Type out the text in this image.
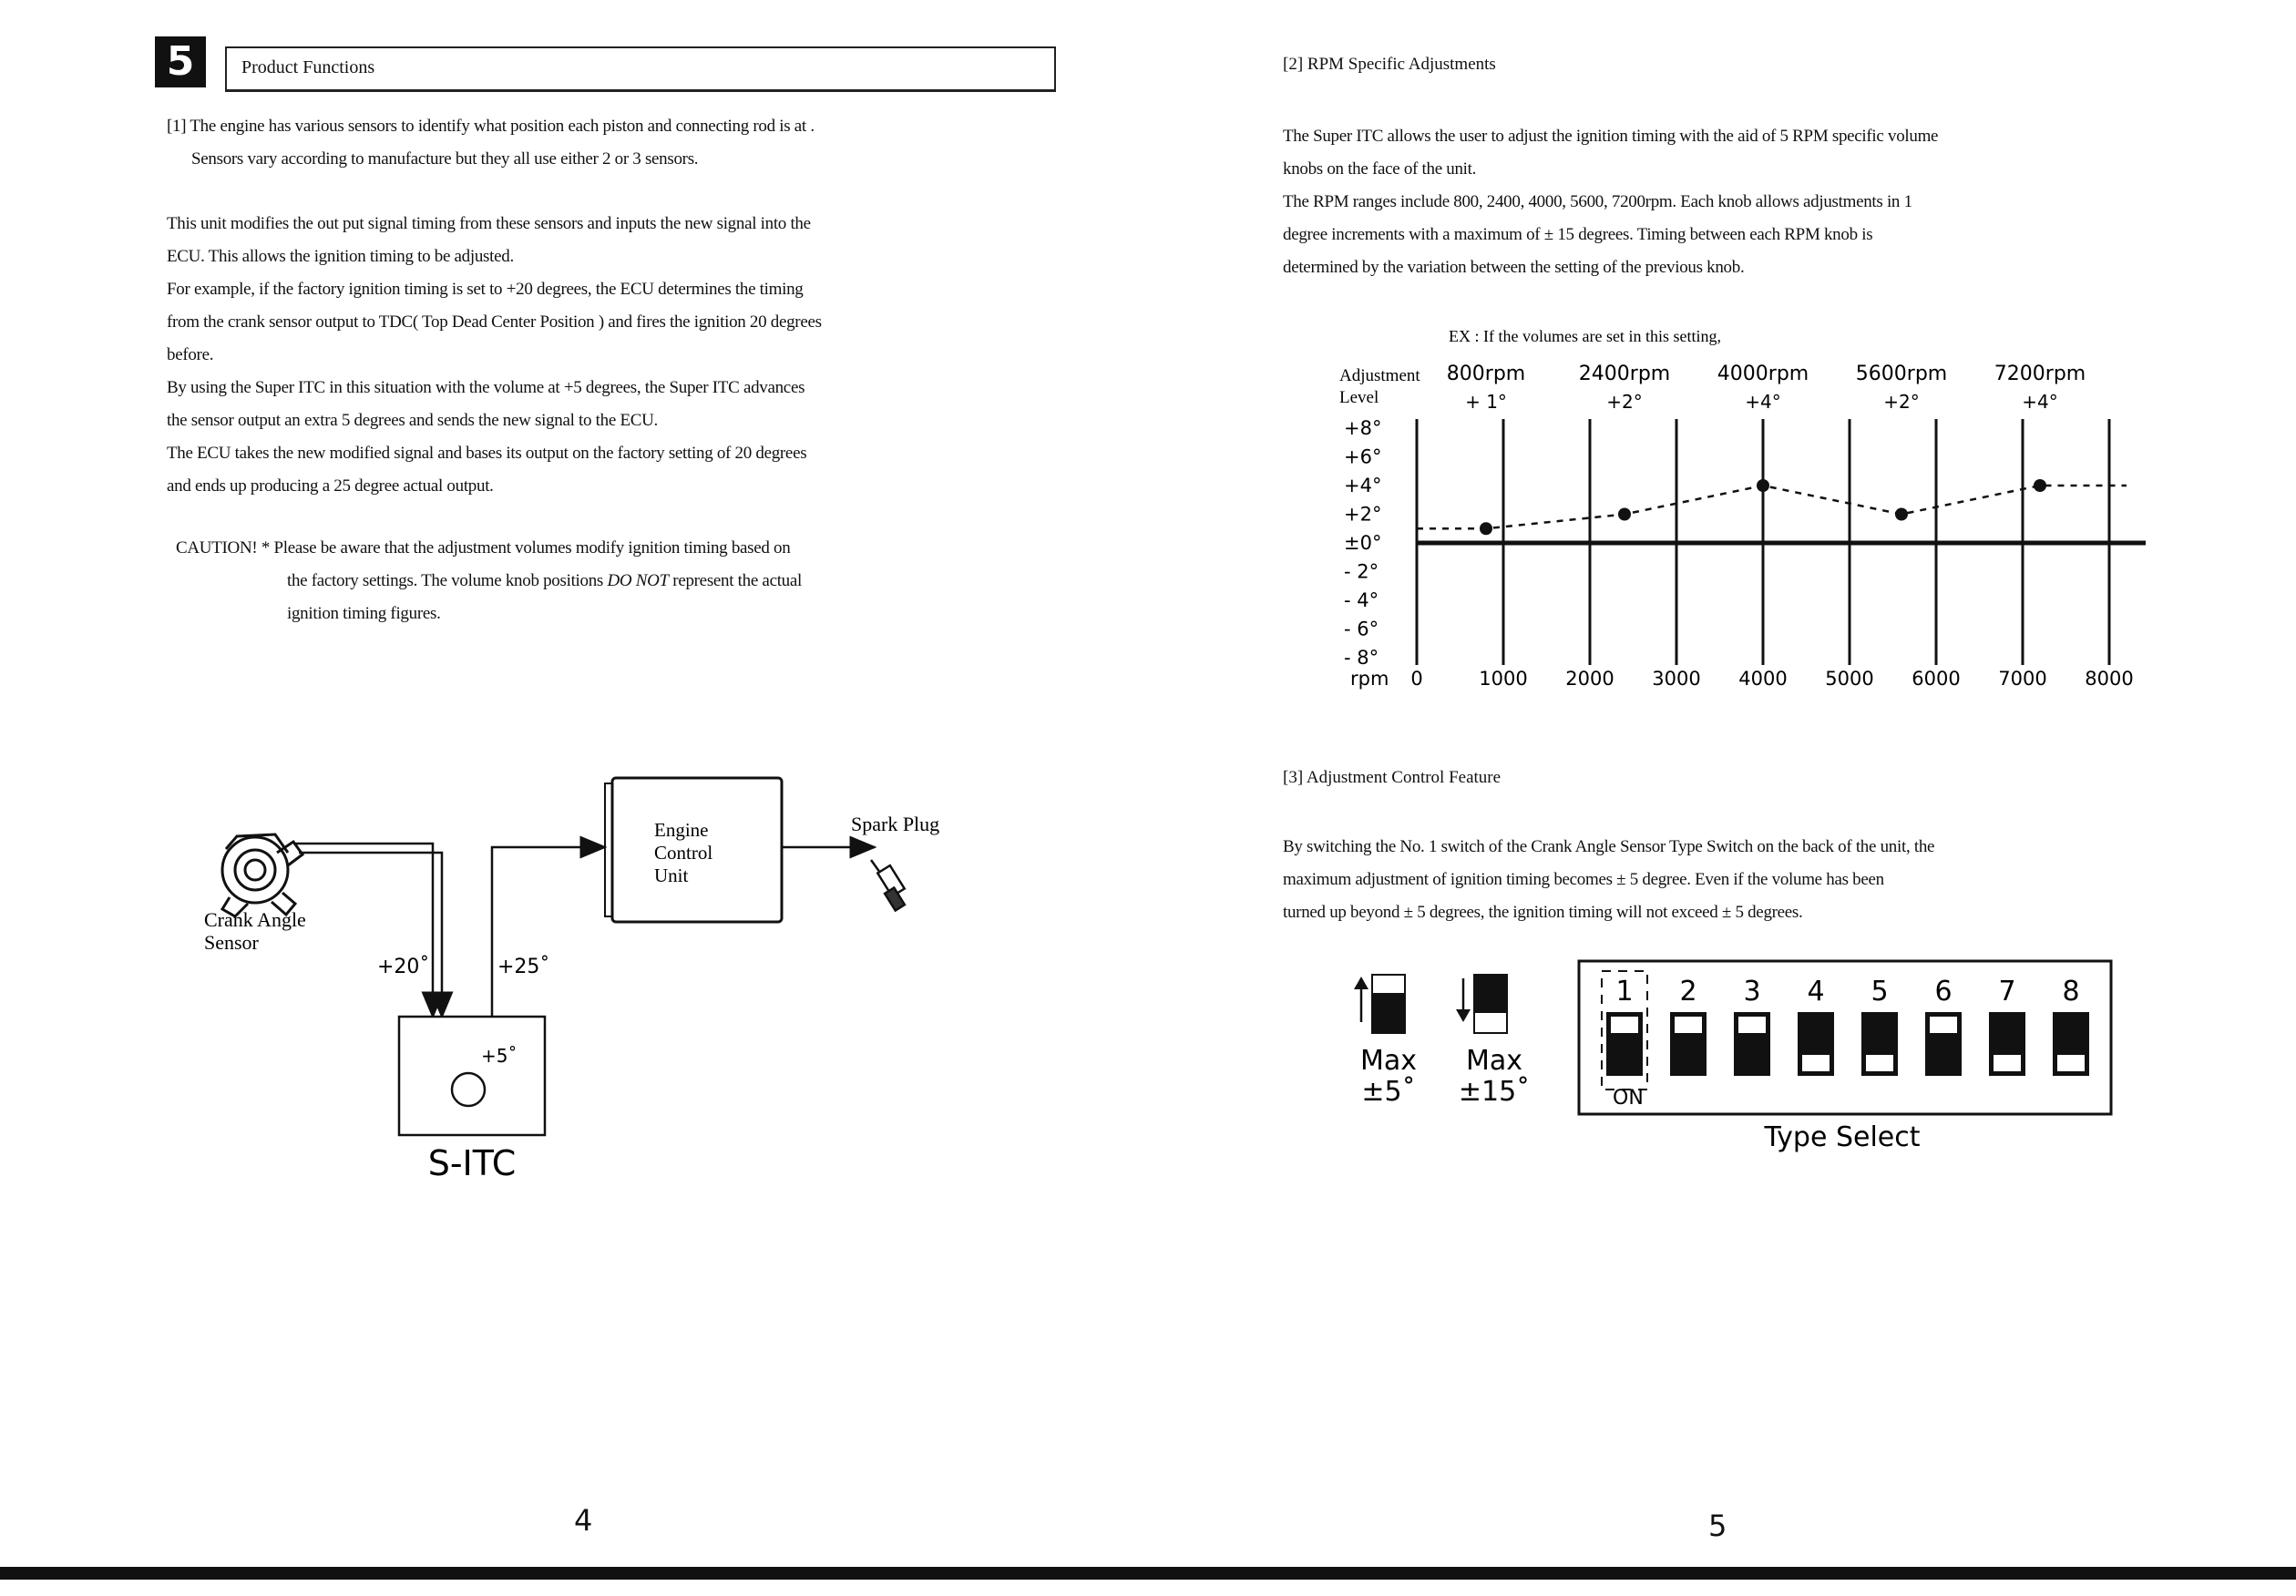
5	Product Functions
[1] The engine has various sensors to identify what position each piston and connecting rod is at .
Sensors vary according to manufacture but they all use either 2 or 3 sensors.
This unit modifies the out put signal timing from these sensors and inputs the new signal into the
ECU. This allows the ignition timing to be adjusted.
For example, if the factory ignition timing is set to +20 degrees, the ECU determines the timing
from the crank sensor output to TDC( Top Dead Center Position ) and fires the ignition 20 degrees
before.
By using the Super ITC in this situation with the volume at +5 degrees, the Super ITC advances
the sensor output an extra 5 degrees and sends the new signal to the ECU.
The ECU takes the new modified signal and bases its output on the factory setting of 20 degrees
and ends up producing a 25 degree actual output.
CAUTION! * Please be aware that the adjustment volumes modify ignition timing based on
the factory settings. The volume knob positions DO NOT represent the actual
ignition timing figures.
Crank Angle
Sensor
+20˚	+25˚
Engine
Control
Unit
Spark Plug
+5˚
S-ITC
4
[2] RPM Specific Adjustments
The Super ITC allows the user to adjust the ignition timing with the aid of 5 RPM specific volume
knobs on the face of the unit.
The RPM ranges include 800, 2400, 4000, 5600, 7200rpm. Each knob allows adjustments in 1
degree increments with a maximum of ± 15 degrees. Timing between each RPM knob is
determined by the variation between the setting of the previous knob.
EX : If the volumes are set in this setting,
Adjustment
Level
+8°
+6°
+4°
+2°
±0°
- 2°
- 4°
- 6°
- 8°
rpm 0	1000 2000 3000 4000 5000 6000 7000 8000
800rpm
+ 1°
2400rpm
+2°
4000rpm
+4°
5600rpm
+2°
7200rpm
+4°
[3] Adjustment Control Feature
By switching the No. 1 switch of the Crank Angle Sensor Type Switch on the back of the unit, the
maximum adjustment of ignition timing becomes ± 5 degree. Even if the volume has been
turned up beyond ± 5 degrees, the ignition timing will not exceed ± 5 degrees.
Max
±5˚
Max
±15˚	ON
1 2 3 4 5 6 7 8
Type Select
5
